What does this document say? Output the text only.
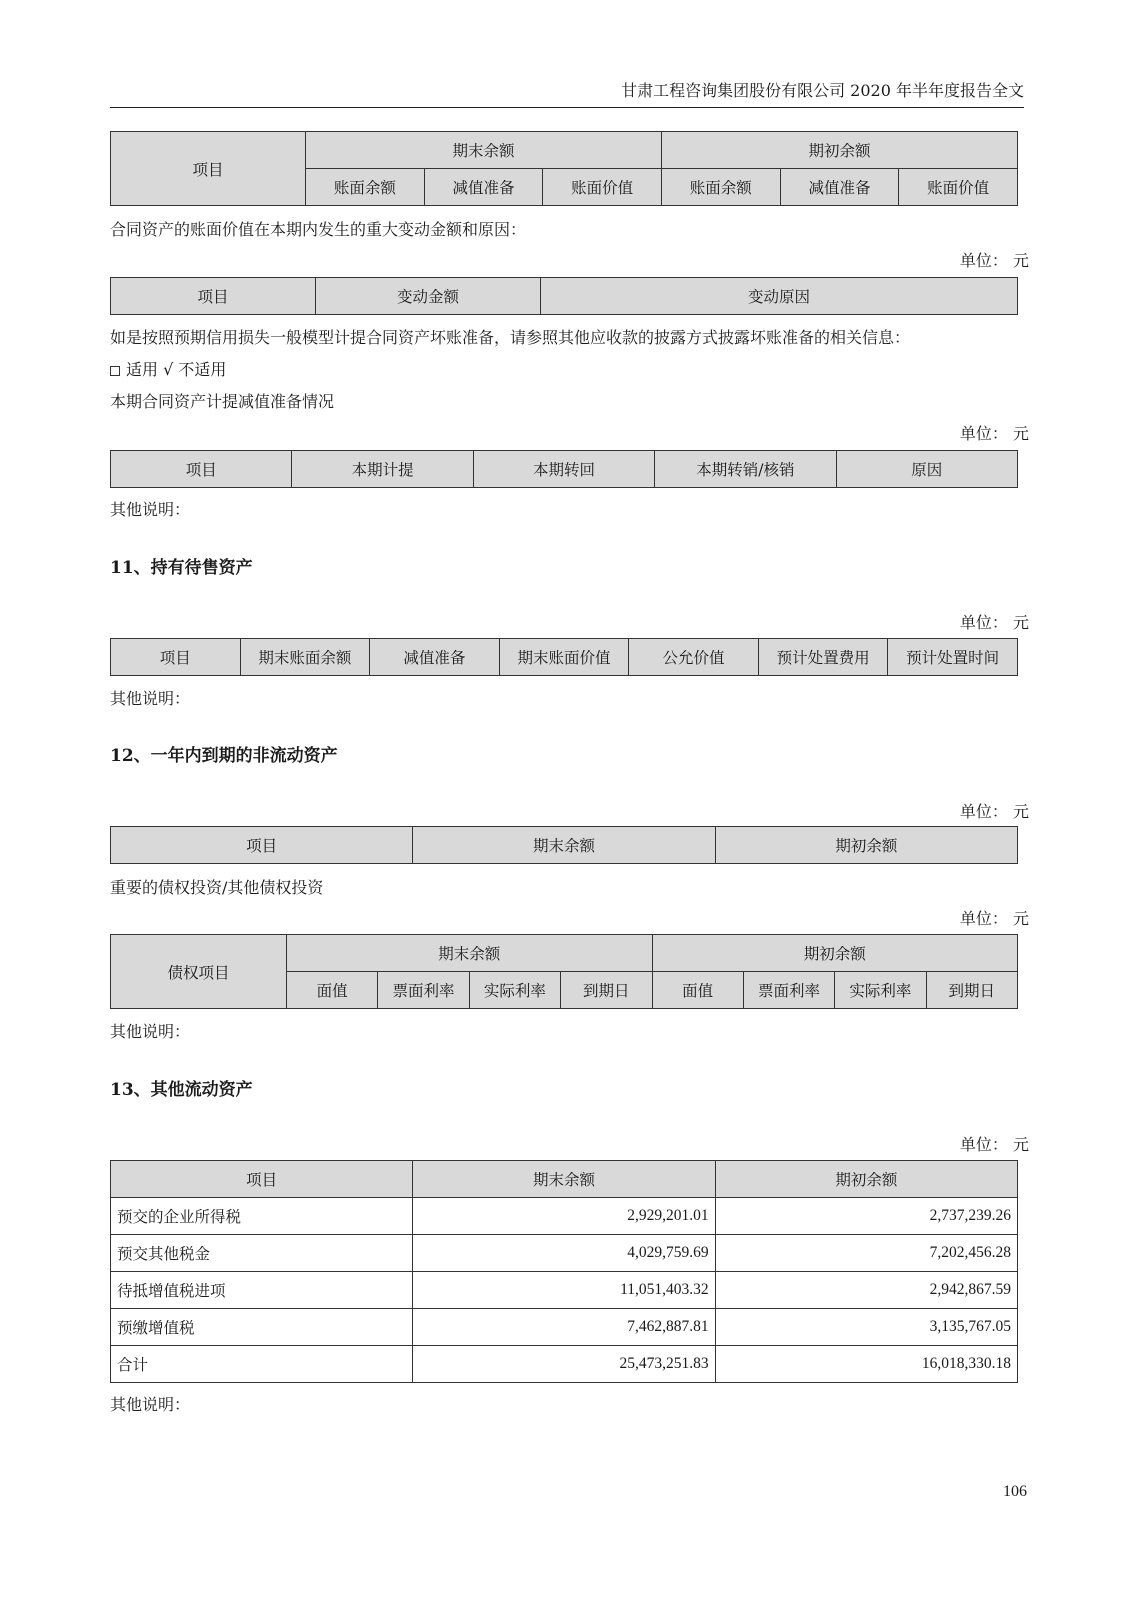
甘肃工程咨询集团股份有限公司 2020 年半年度报告全文
项目	期末余额			期初余额		
	账面余额	减值准备	账面价值	账面余额	减值准备	账面价值
合同资产的账面价值在本期内发生的重大变动金额和原因：
单位： 元
项目	变动金额	变动原因
如是按照预期信用损失一般模型计提合同资产坏账准备，请参照其他应收款的披露方式披露坏账准备的相关信息：
适用 √ 不适用
本期合同资产计提减值准备情况
单位： 元
项目	本期计提	本期转回	本期转销/核销	原因
其他说明：
11、持有待售资产
单位： 元
项目	期末账面余额	减值准备	期末账面价值	公允价值	预计处置费用	预计处置时间
其他说明：
12、一年内到期的非流动资产
单位： 元
项目	期末余额	期初余额
重要的债权投资/其他债权投资
单位： 元
债权项目	期末余额				期初余额			
	面值	票面利率	实际利率	到期日	面值	票面利率	实际利率	到期日
其他说明：
13、其他流动资产
单位： 元
项目	期末余额	期初余额
预交的企业所得税	2,929,201.01	2,737,239.26
预交其他税金	4,029,759.69	7,202,456.28
待抵增值税进项	11,051,403.32	2,942,867.59
预缴增值税	7,462,887.81	3,135,767.05
合计	25,473,251.83	16,018,330.18
其他说明：
106
